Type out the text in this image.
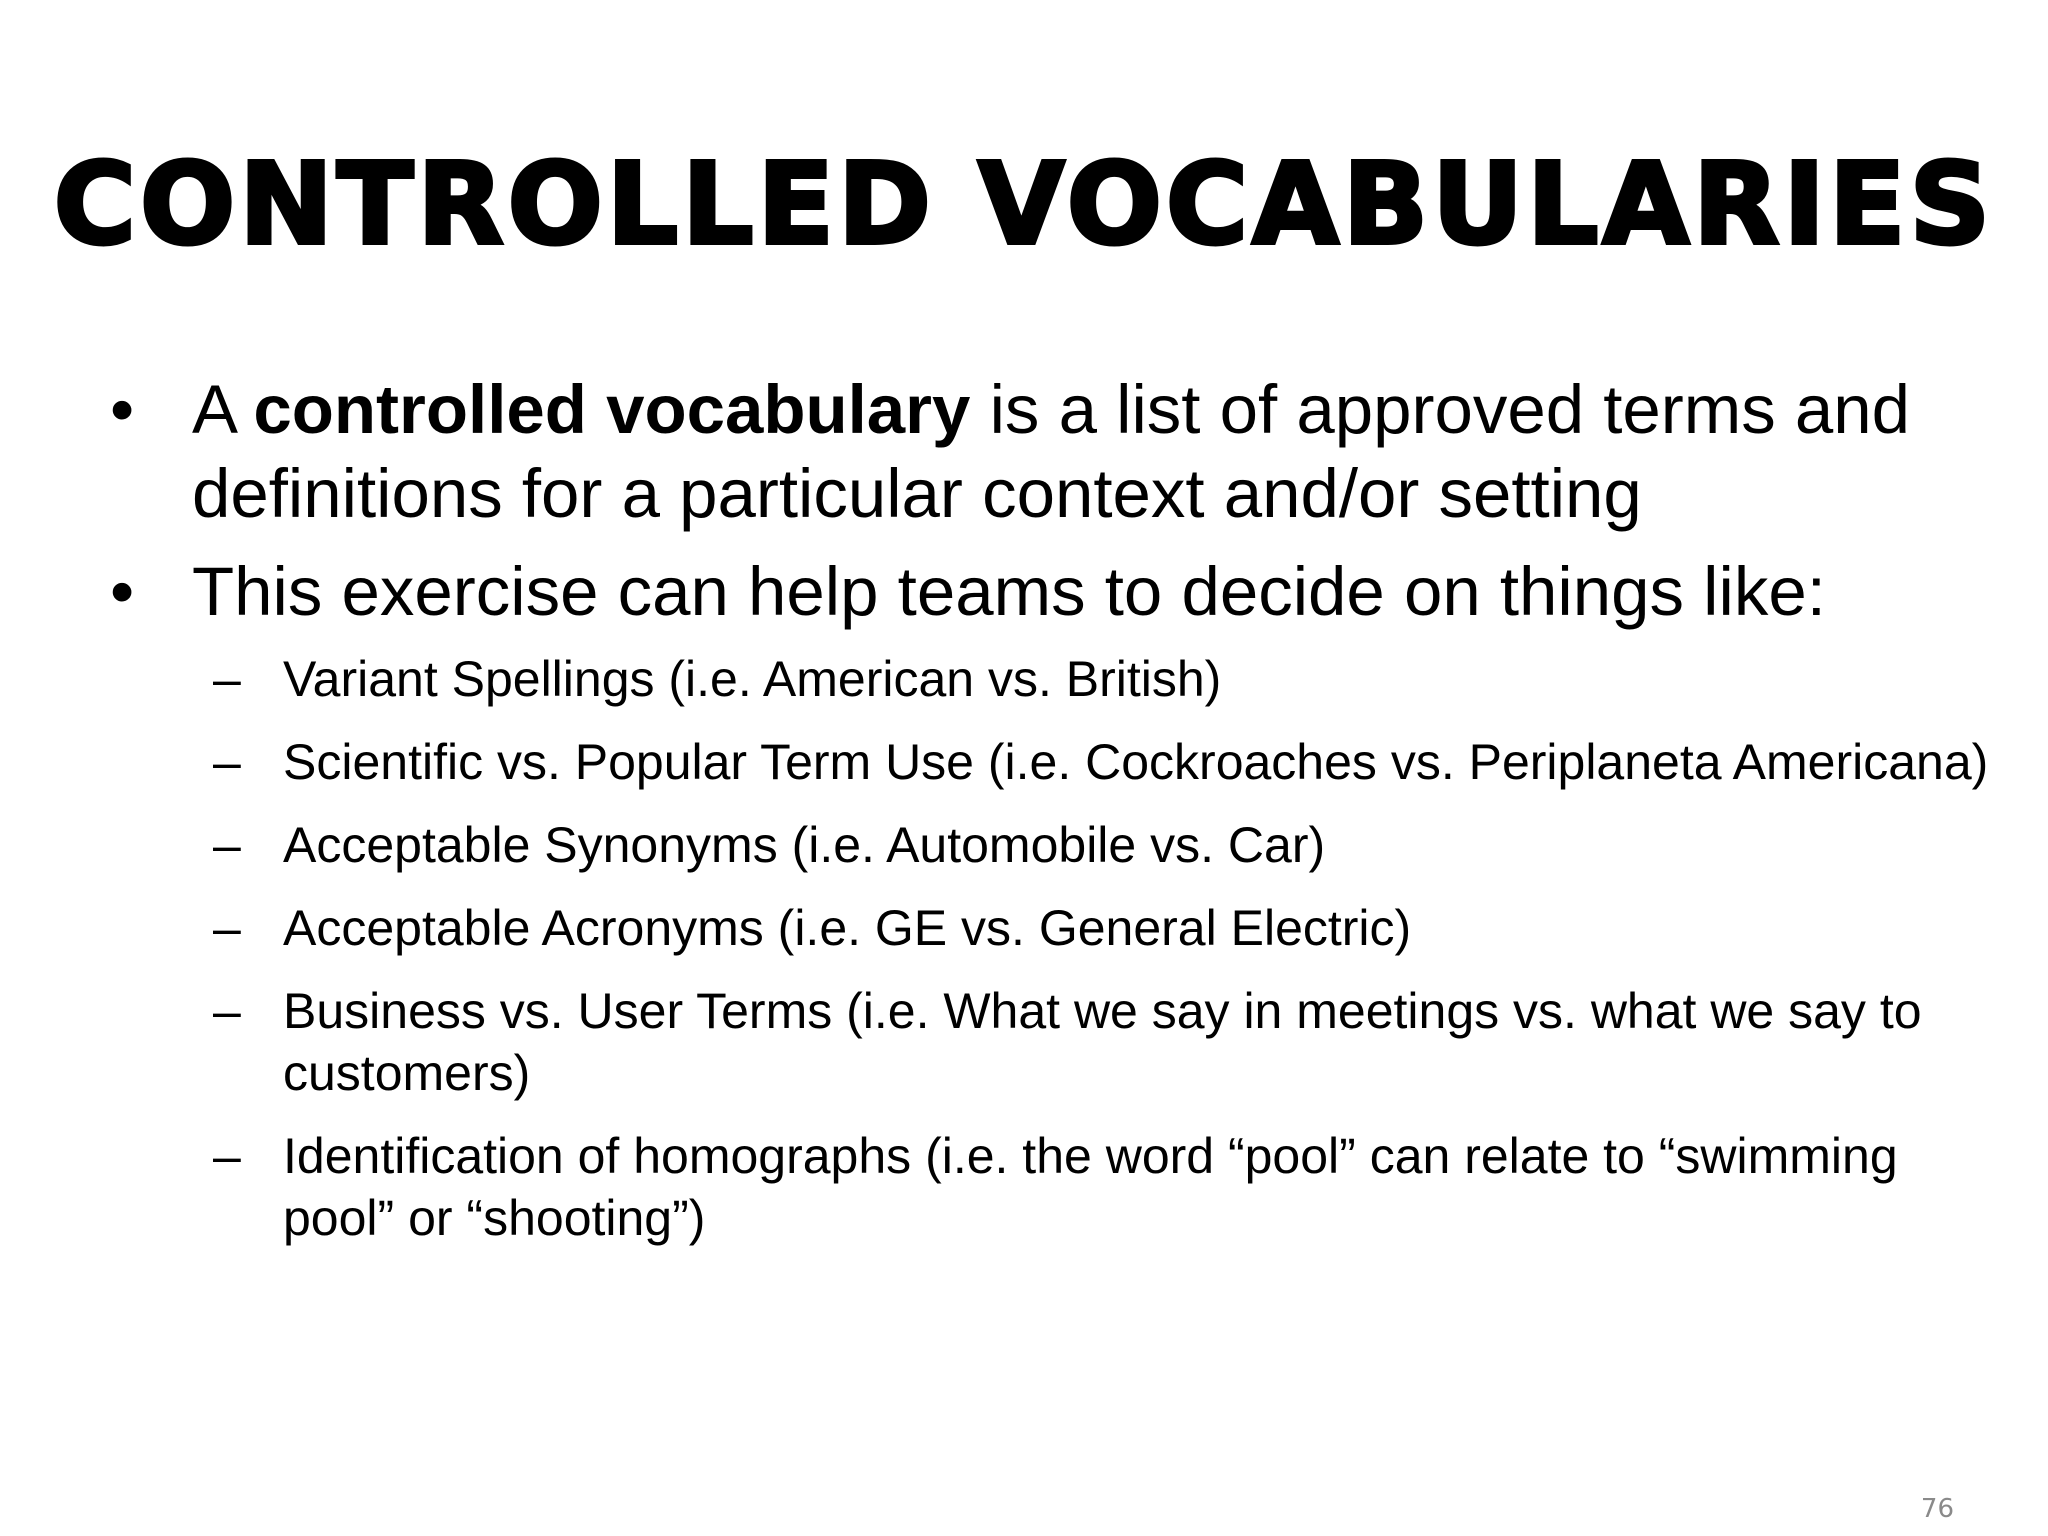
CONTROLLED VOCABULARIES
• A controlled vocabulary is a list of approved terms and definitions for a particular context and/or setting
• This exercise can help teams to decide on things like:
– Variant Spellings (i.e. American vs. British)
– Scientific vs. Popular Term Use (i.e. Cockroaches vs. Periplaneta Americana)
– Acceptable Synonyms (i.e. Automobile vs. Car)
– Acceptable Acronyms (i.e. GE vs. General Electric)
– Business vs. User Terms (i.e. What we say in meetings vs. what we say to customers)
– Identification of homographs (i.e. the word “pool” can relate to “swimming pool” or “shooting”)
76
